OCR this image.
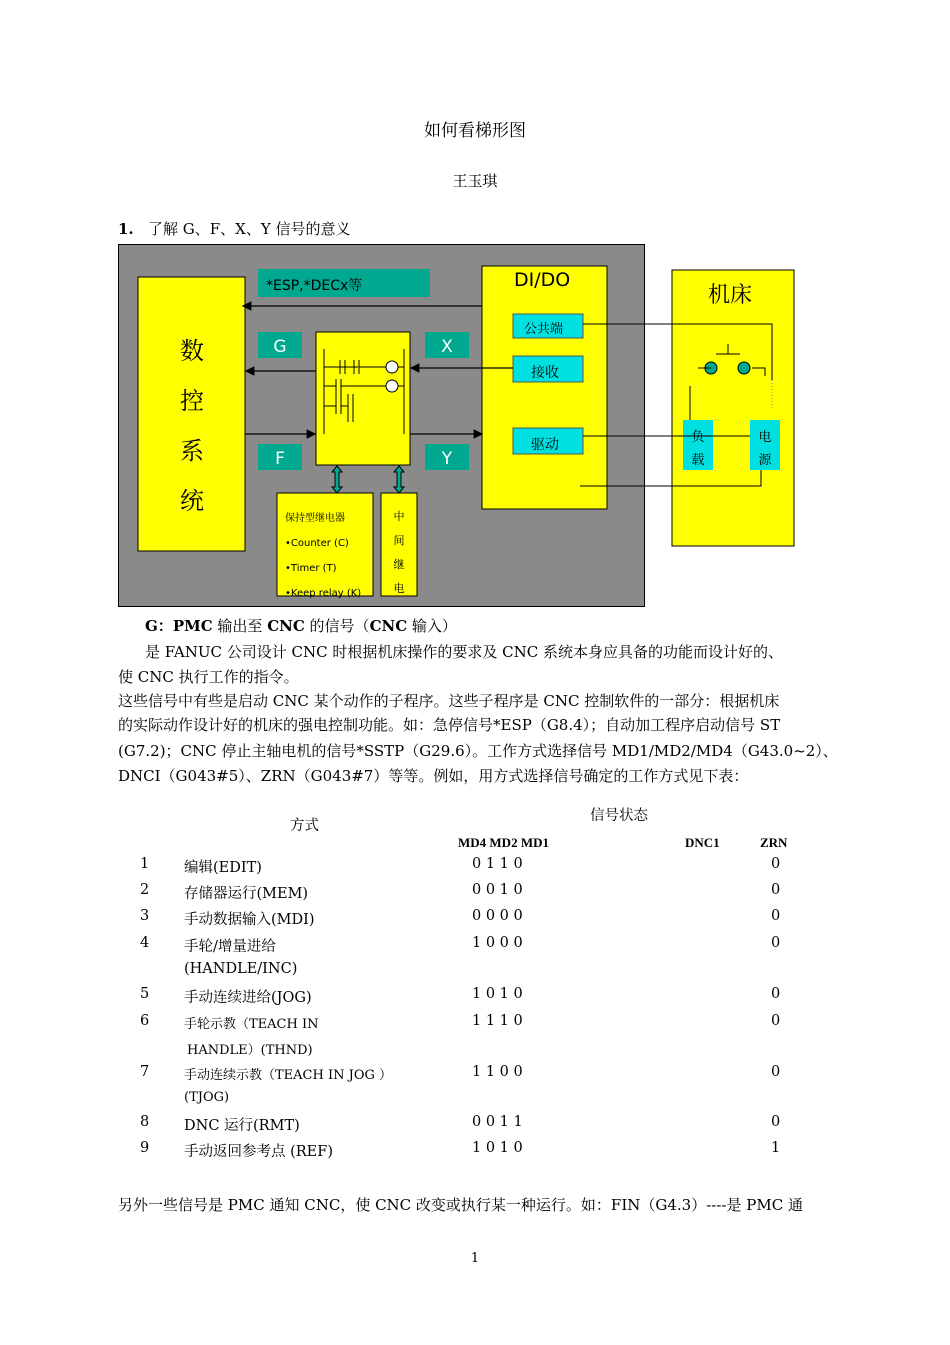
如何看梯形图
王玉琪
1. 了解 G、F、X、Y 信号的意义
数
控
系
统
*ESP,*DECx等
G
F
X
Y
DI/DO
公共端
接收
驱动
保持型继电器
•Counter (C)
•Timer (T)
•Keep relay (K)
中
间
继
电
机床
负
载
电
源
G：PMC 输出至 CNC 的信号（CNC 输入）
是 FANUC 公司设计 CNC 时根据机床操作的要求及 CNC 系统本身应具备的功能而设计好的、
使 CNC 执行工作的指令。
这些信号中有些是启动 CNC 某个动作的子程序。这些子程序是 CNC 控制软件的一部分：根据机床
的实际动作设计好的机床的强电控制功能。如：急停信号*ESP（G8.4）；自动加工程序启动信号 ST
(G7.2)；CNC 停止主轴电机的信号*SSTP（G29.6）。工作方式选择信号 MD1/MD2/MD4（G43.0~2）、
DNCI（G043#5）、ZRN（G043#7）等等。例如，用方式选择信号确定的工作方式见下表：
方式
信号状态
MD4 MD2 MD1	DNC1	ZRN
1 编辑(EDIT)	0 1 1 0	0
2 存储器运行(MEM)	0 0 1 0	0
3 手动数据输入(MDI)	0 0 0 0	0
4 手轮/增量进给
(HANDLE/INC)
1 0 0 0	0
5 手动连续进给(JOG)	1 0 1 0	0
6	手轮示教（TEACH IN
HANDLE）(THND)
1 1 1 0	0
7	手动连续示教（TEACH IN JOG ）
(TJOG)
1 1 0 0	0
8 DNC 运行(RMT)	0 0 1 1	0
9 手动返回参考点 (REF)	1 0 1 0	1
另外一些信号是 PMC 通知 CNC，使 CNC 改变或执行某一种运行。如：FIN（G4.3）----是 PMC 通
1
